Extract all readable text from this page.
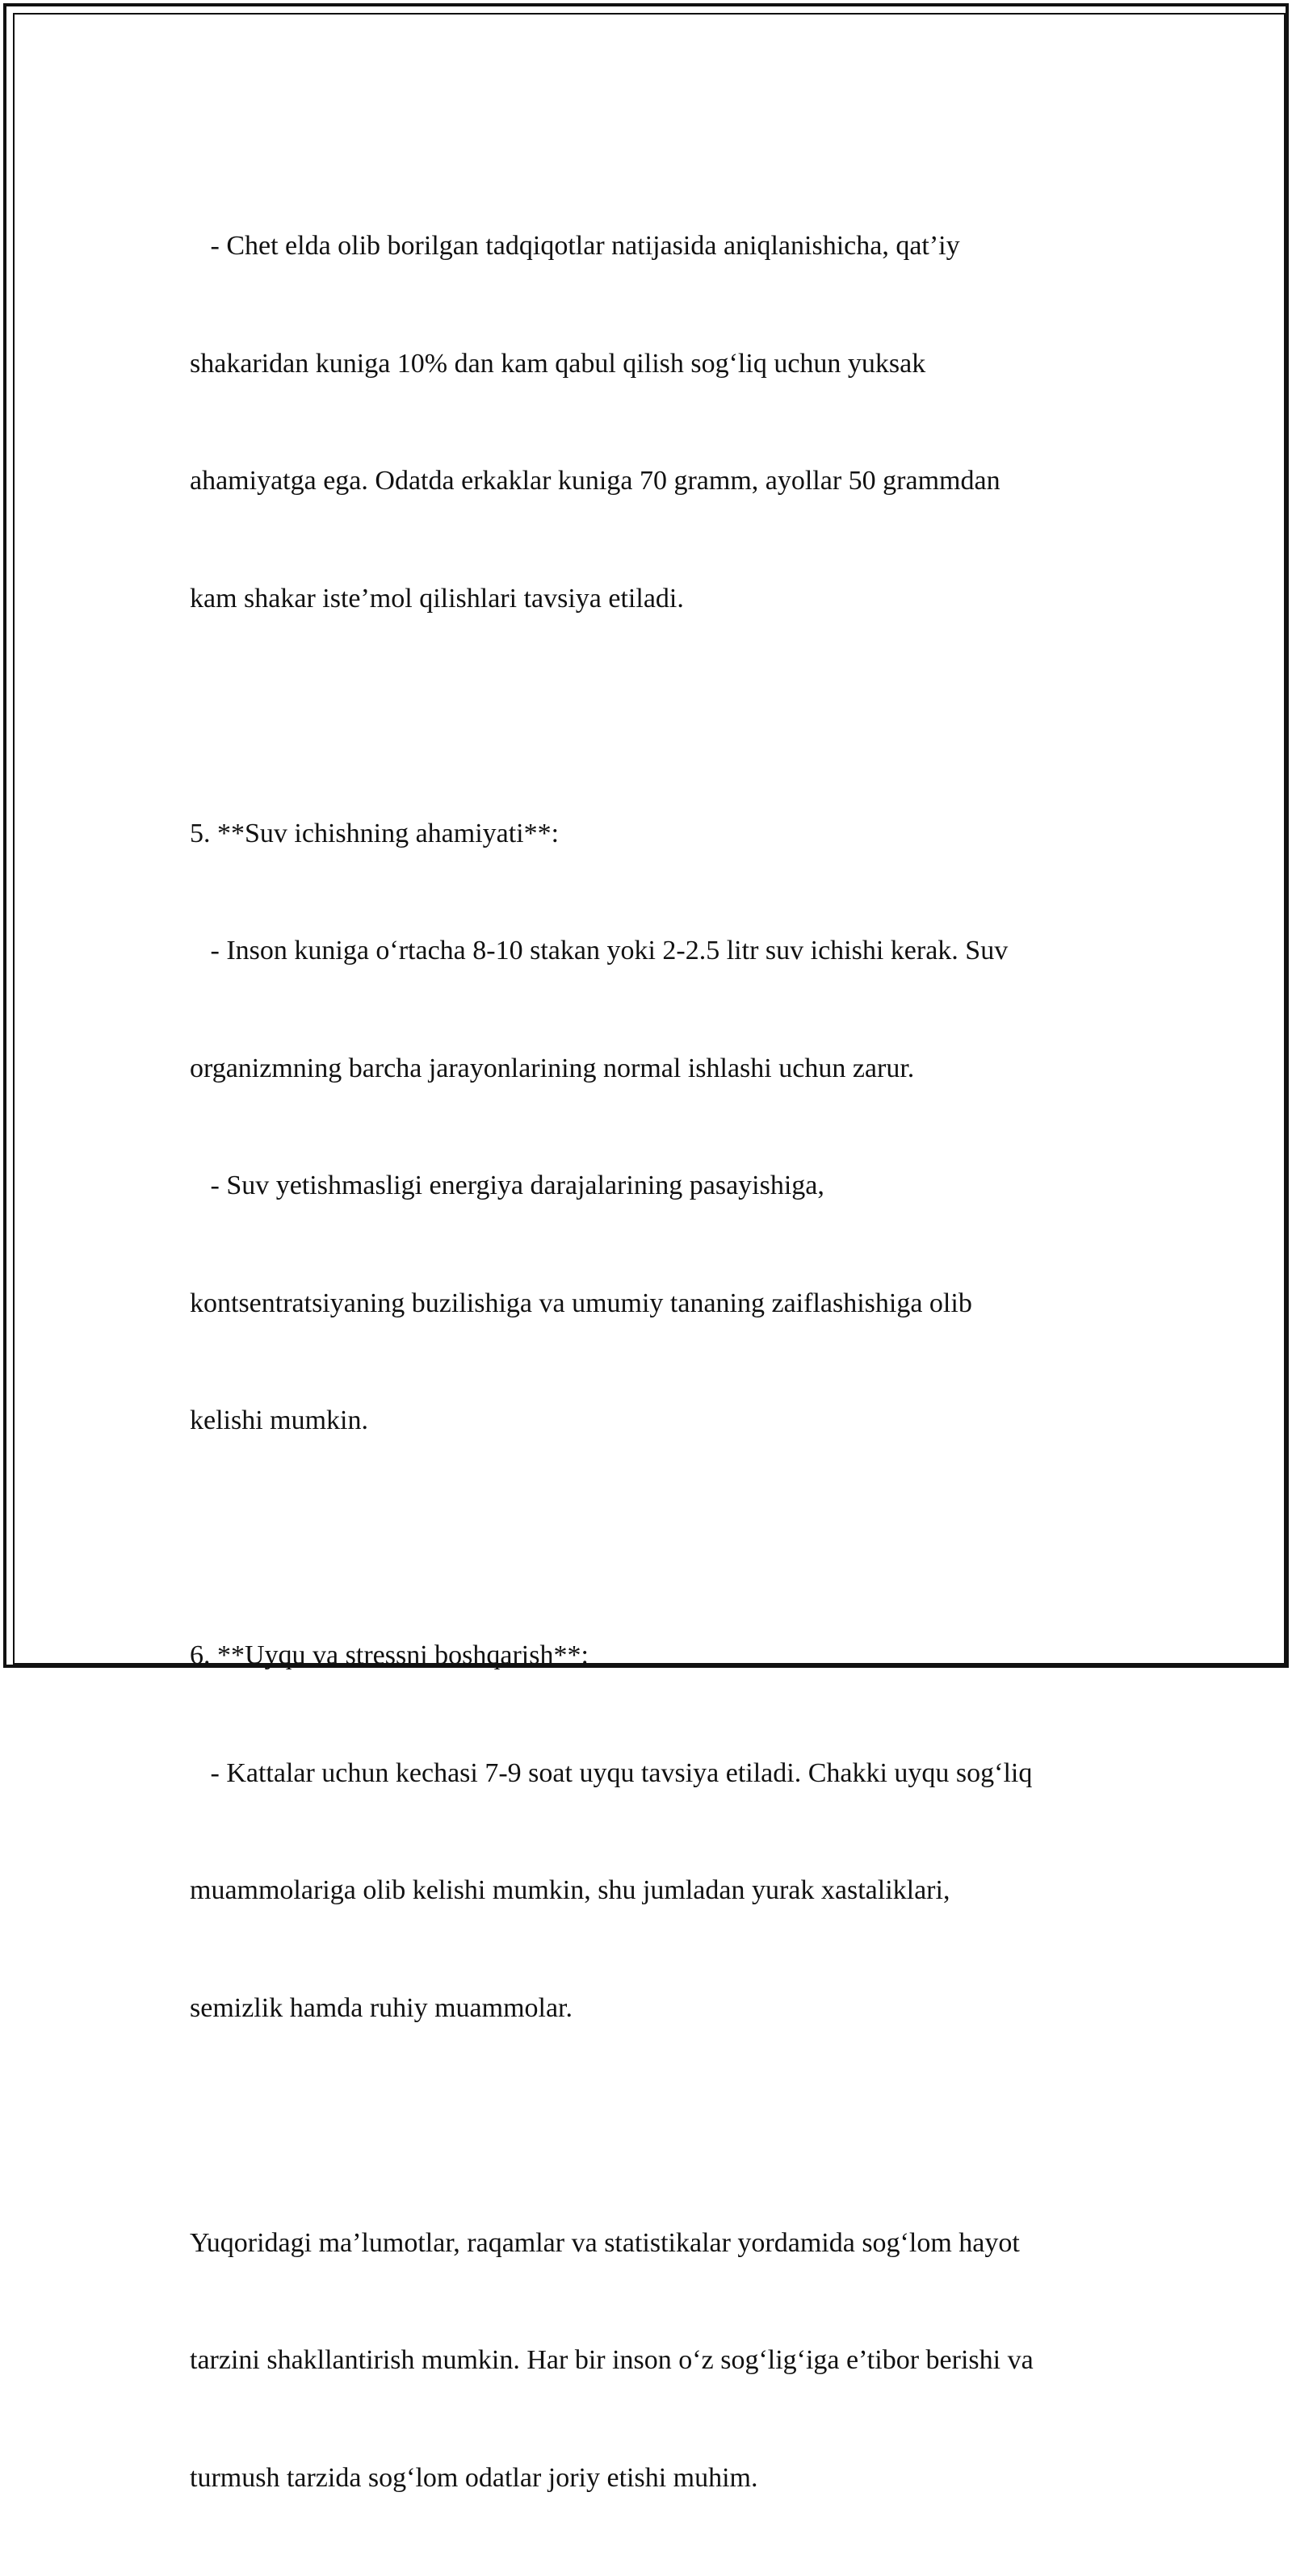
- Chet elda olib borilgan tadqiqotlar natijasida aniqlanishicha, qat’iy

shakaridan kuniga 10% dan kam qabul qilish sog‘liq uchun yuksak

ahamiyatga ega. Odatda erkaklar kuniga 70 gramm, ayollar 50 grammdan

kam shakar iste’mol qilishlari tavsiya etiladi.

5. **Suv ichishning ahamiyati**:

- Inson kuniga o‘rtacha 8-10 stakan yoki 2-2.5 litr suv ichishi kerak. Suv

organizmning barcha jarayonlarining normal ishlashi uchun zarur.

- Suv yetishmasligi energiya darajalarining pasayishiga,

kontsentratsiyaning buzilishiga va umumiy tananing zaiflashishiga olib

kelishi mumkin.

6. **Uyqu va stressni boshqarish**:

- Kattalar uchun kechasi 7-9 soat uyqu tavsiya etiladi. Chakki uyqu sog‘liq

muammolariga olib kelishi mumkin, shu jumladan yurak xastaliklari,

semizlik hamda ruhiy muammolar.

Yuqoridagi ma’lumotlar, raqamlar va statistikalar yordamida sog‘lom hayot

tarzini shakllantirish mumkin. Har bir inson o‘z sog‘lig‘iga e’tibor berishi va

turmush tarzida sog‘lom odatlar joriy etishi muhim.
